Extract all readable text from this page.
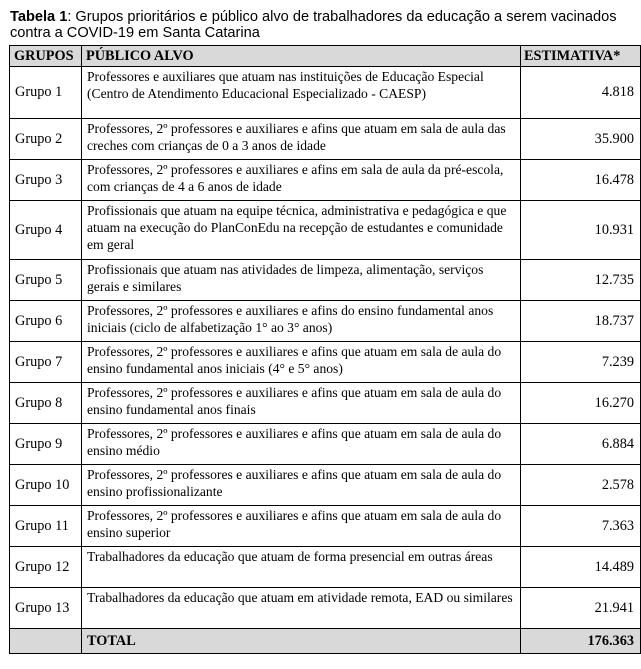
Tabela 1: Grupos prioritários e público alvo de trabalhadores da educação a serem vacinados contra a COVID-19 em Santa Catarina
GRUPOS	PÚBLICO ALVO	ESTIMATIVA*
Grupo 1	Professores e auxiliares que atuam nas instituições de Educação Especial (Centro de Atendimento Educacional Especializado - CAESP)	4.818
Grupo 2	Professores, 2º professores e auxiliares e afins que atuam em sala de aula das creches com crianças de 0 a 3 anos de idade	35.900
Grupo 3	Professores, 2º professores e auxiliares e afins em sala de aula da pré-escola, com crianças de 4 a 6 anos de idade	16.478
Grupo 4	Profissionais que atuam na equipe técnica, administrativa e pedagógica e que atuam na execução do PlanConEdu na recepção de estudantes e comunidade em geral	10.931
Grupo 5	Profissionais que atuam nas atividades de limpeza, alimentação, serviços gerais e similares	12.735
Grupo 6	Professores, 2º professores e auxiliares e afins do ensino fundamental anos iniciais (ciclo de alfabetização 1° ao 3° anos)	18.737
Grupo 7	Professores, 2º professores e auxiliares e afins que atuam em sala de aula do ensino fundamental anos iniciais (4° e 5° anos)	7.239
Grupo 8	Professores, 2º professores e auxiliares e afins que atuam em sala de aula do ensino fundamental anos finais	16.270
Grupo 9	Professores, 2º professores e auxiliares e afins que atuam em sala de aula do ensino médio	6.884
Grupo 10	Professores, 2º professores e auxiliares e afins que atuam em sala de aula do ensino profissionalizante	2.578
Grupo 11	Professores, 2º professores e auxiliares e afins que atuam em sala de aula do ensino superior	7.363
Grupo 12	Trabalhadores da educação que atuam de forma presencial em outras áreas	14.489
Grupo 13	Trabalhadores da educação que atuam em atividade remota, EAD ou similares	21.941
	TOTAL	176.363
